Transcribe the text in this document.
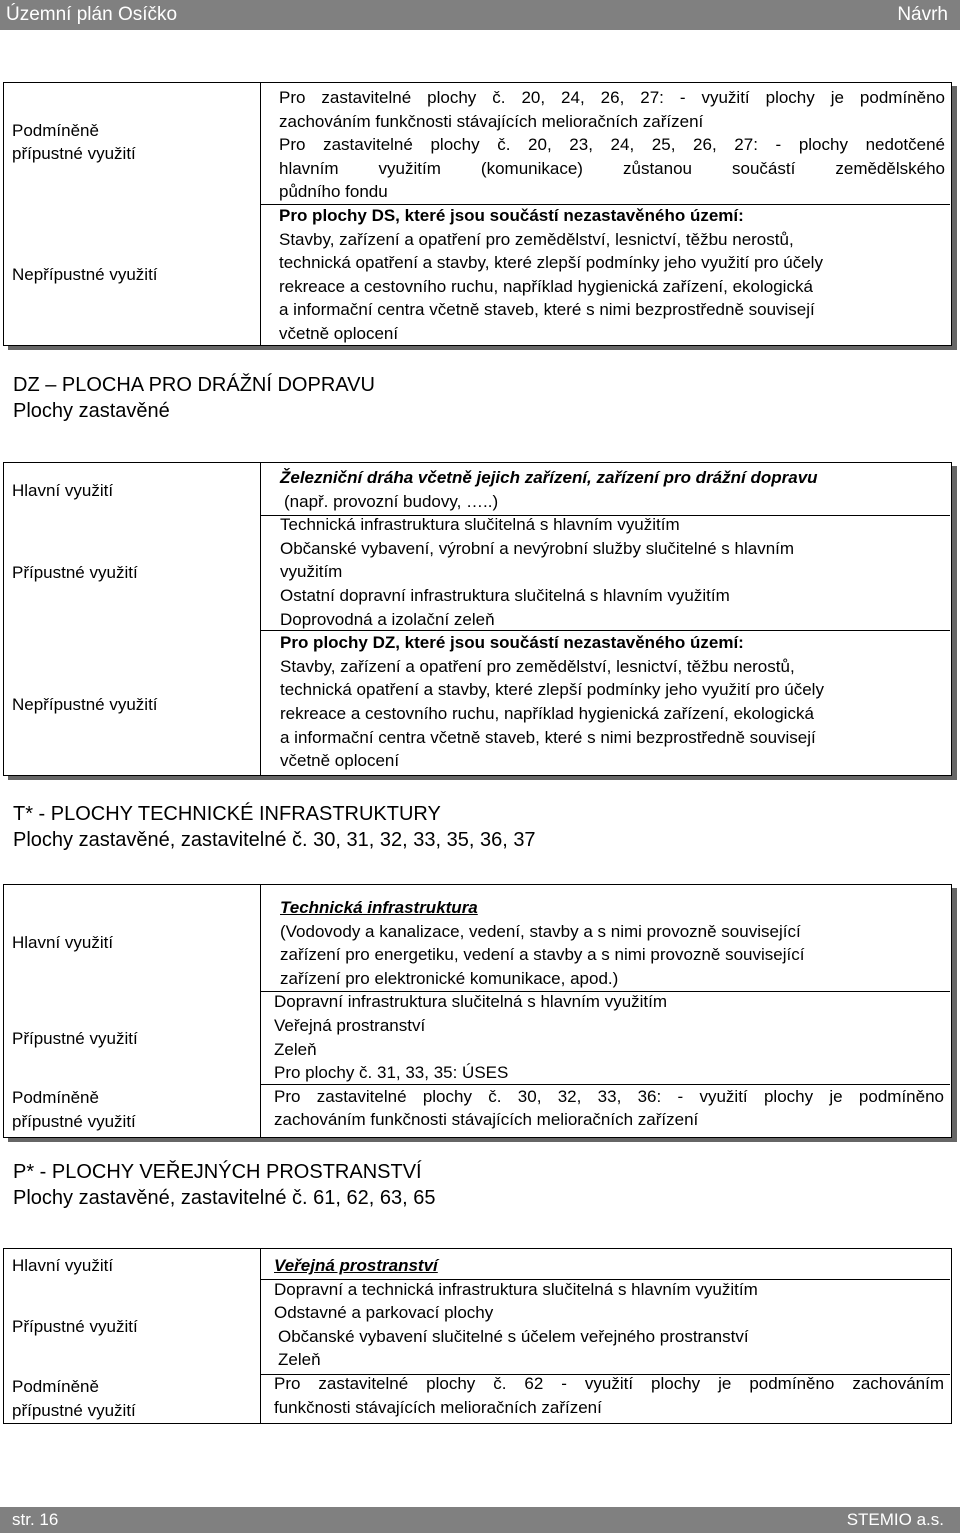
Územní plán Osíčko	Návrh
Podmíněně
přípustné využití
Nepřípustné využití
Pro zastavitelné plochy č. 20, 24, 26, 27: - využití plochy je podmíněno
zachováním funkčnosti stávajících melioračních zařízení
Pro zastavitelné plochy č. 20, 23, 24, 25, 26, 27: - plochy nedotčené
hlavním využitím (komunikace) zůstanou součástí zemědělského
půdního fondu
Pro plochy DS, které jsou součástí nezastavěného území:
Stavby, zařízení a opatření pro zemědělství, lesnictví, těžbu nerostů,
technická opatření a stavby, které zlepší podmínky jeho využití pro účely
rekreace a cestovního ruchu, například hygienická zařízení, ekologická
a informační centra včetně staveb, které s nimi bezprostředně souvisejí
včetně oplocení
DZ – PLOCHA PRO DRÁŽNÍ DOPRAVU
Plochy zastavěné
Hlavní využití
Přípustné využití
Nepřípustné využití
Železniční dráha včetně jejich zařízení, zařízení pro drážní dopravu
(např. provozní budovy, …..)
Technická infrastruktura slučitelná s hlavním využitím
Občanské vybavení, výrobní a nevýrobní služby slučitelné s hlavním
využitím
Ostatní dopravní infrastruktura slučitelná s hlavním využitím
Doprovodná a izolační zeleň
Pro plochy DZ, které jsou součástí nezastavěného území:
Stavby, zařízení a opatření pro zemědělství, lesnictví, těžbu nerostů,
technická opatření a stavby, které zlepší podmínky jeho využití pro účely
rekreace a cestovního ruchu, například hygienická zařízení, ekologická
a informační centra včetně staveb, které s nimi bezprostředně souvisejí
včetně oplocení
T* - PLOCHY TECHNICKÉ INFRASTRUKTURY
Plochy zastavěné, zastavitelné č. 30, 31, 32, 33, 35, 36, 37
Hlavní využití
Přípustné využití
Podmíněně
přípustné využití
Technická infrastruktura
(Vodovody a kanalizace, vedení, stavby a s nimi provozně související
zařízení pro energetiku, vedení a stavby a s nimi provozně související
zařízení pro elektronické komunikace, apod.)
Dopravní infrastruktura slučitelná s hlavním využitím
Veřejná prostranství
Zeleň
Pro plochy č. 31, 33, 35: ÚSES
Pro zastavitelné plochy č. 30, 32, 33, 36: - využití plochy je podmíněno
zachováním funkčnosti stávajících melioračních zařízení
P* - PLOCHY VEŘEJNÝCH PROSTRANSTVÍ
Plochy zastavěné, zastavitelné č. 61, 62, 63, 65
Hlavní využití
Přípustné využití
Podmíněně
přípustné využití
Veřejná prostranství
Dopravní a technická infrastruktura slučitelná s hlavním využitím
Odstavné a parkovací plochy
Občanské vybavení slučitelné s účelem veřejného prostranství
Zeleň
Pro zastavitelné plochy č. 62 - využití plochy je podmíněno zachováním
funkčnosti stávajících melioračních zařízení
str. 16	STEMIO a.s.
